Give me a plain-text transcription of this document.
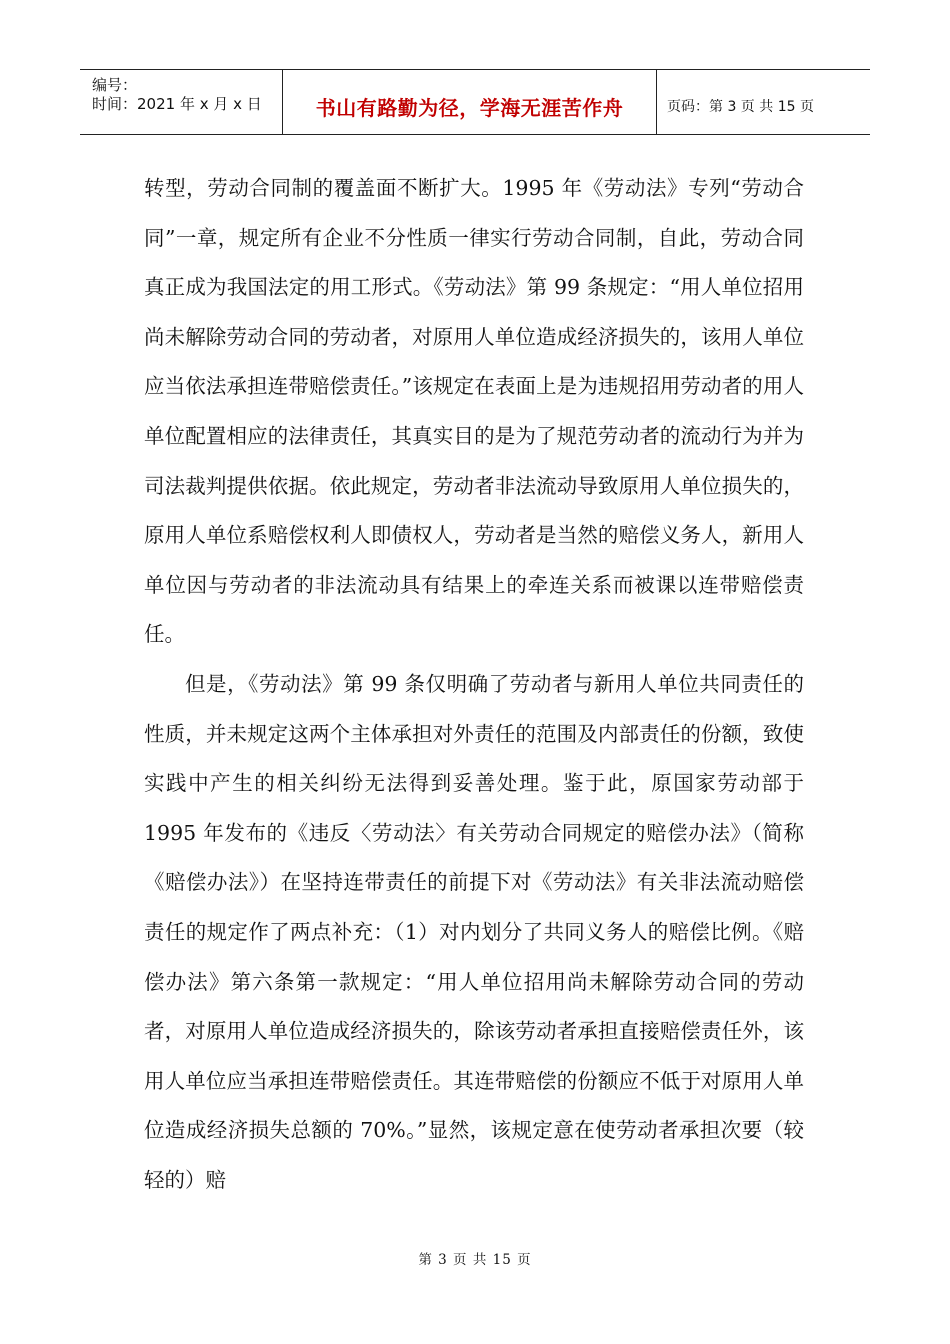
编号：
时间：2021 年 x 月 x 日	书山有路勤为径，学海无涯苦作舟	页码：第 3 页 共 15 页

转型，劳动合同制的覆盖面不断扩大。1995 年《劳动法》专列“劳动合同”一章，规定所有企业不分性质一律实行劳动合同制，自此，劳动合同真正成为我国法定的用工形式。《劳动法》第 99 条规定：“用人单位招用尚未解除劳动合同的劳动者，对原用人单位造成经济损失的，该用人单位应当依法承担连带赔偿责任。”该规定在表面上是为违规招用劳动者的用人单位配置相应的法律责任，其真实目的是为了规范劳动者的流动行为并为司法裁判提供依据。依此规定，劳动者非法流动导致原用人单位损失的，原用人单位系赔偿权利人即债权人，劳动者是当然的赔偿义务人，新用人单位因与劳动者的非法流动具有结果上的牵连关系而被课以连带赔偿责任。

但是，《劳动法》第 99 条仅明确了劳动者与新用人单位共同责任的性质，并未规定这两个主体承担对外责任的范围及内部责任的份额，致使实践中产生的相关纠纷无法得到妥善处理。鉴于此，原国家劳动部于 1995 年发布的《违反〈劳动法〉有关劳动合同规定的赔偿办法》（简称《赔偿办法》）在坚持连带责任的前提下对《劳动法》有关非法流动赔偿责任的规定作了两点补充：（1）对内划分了共同义务人的赔偿比例。《赔偿办法》第六条第一款规定：“用人单位招用尚未解除劳动合同的劳动者，对原用人单位造成经济损失的，除该劳动者承担直接赔偿责任外，该用人单位应当承担连带赔偿责任。其连带赔偿的份额应不低于对原用人单位造成经济损失总额的 70%。”显然，该规定意在使劳动者承担次要（较轻的）赔

第 3 页 共 15 页
